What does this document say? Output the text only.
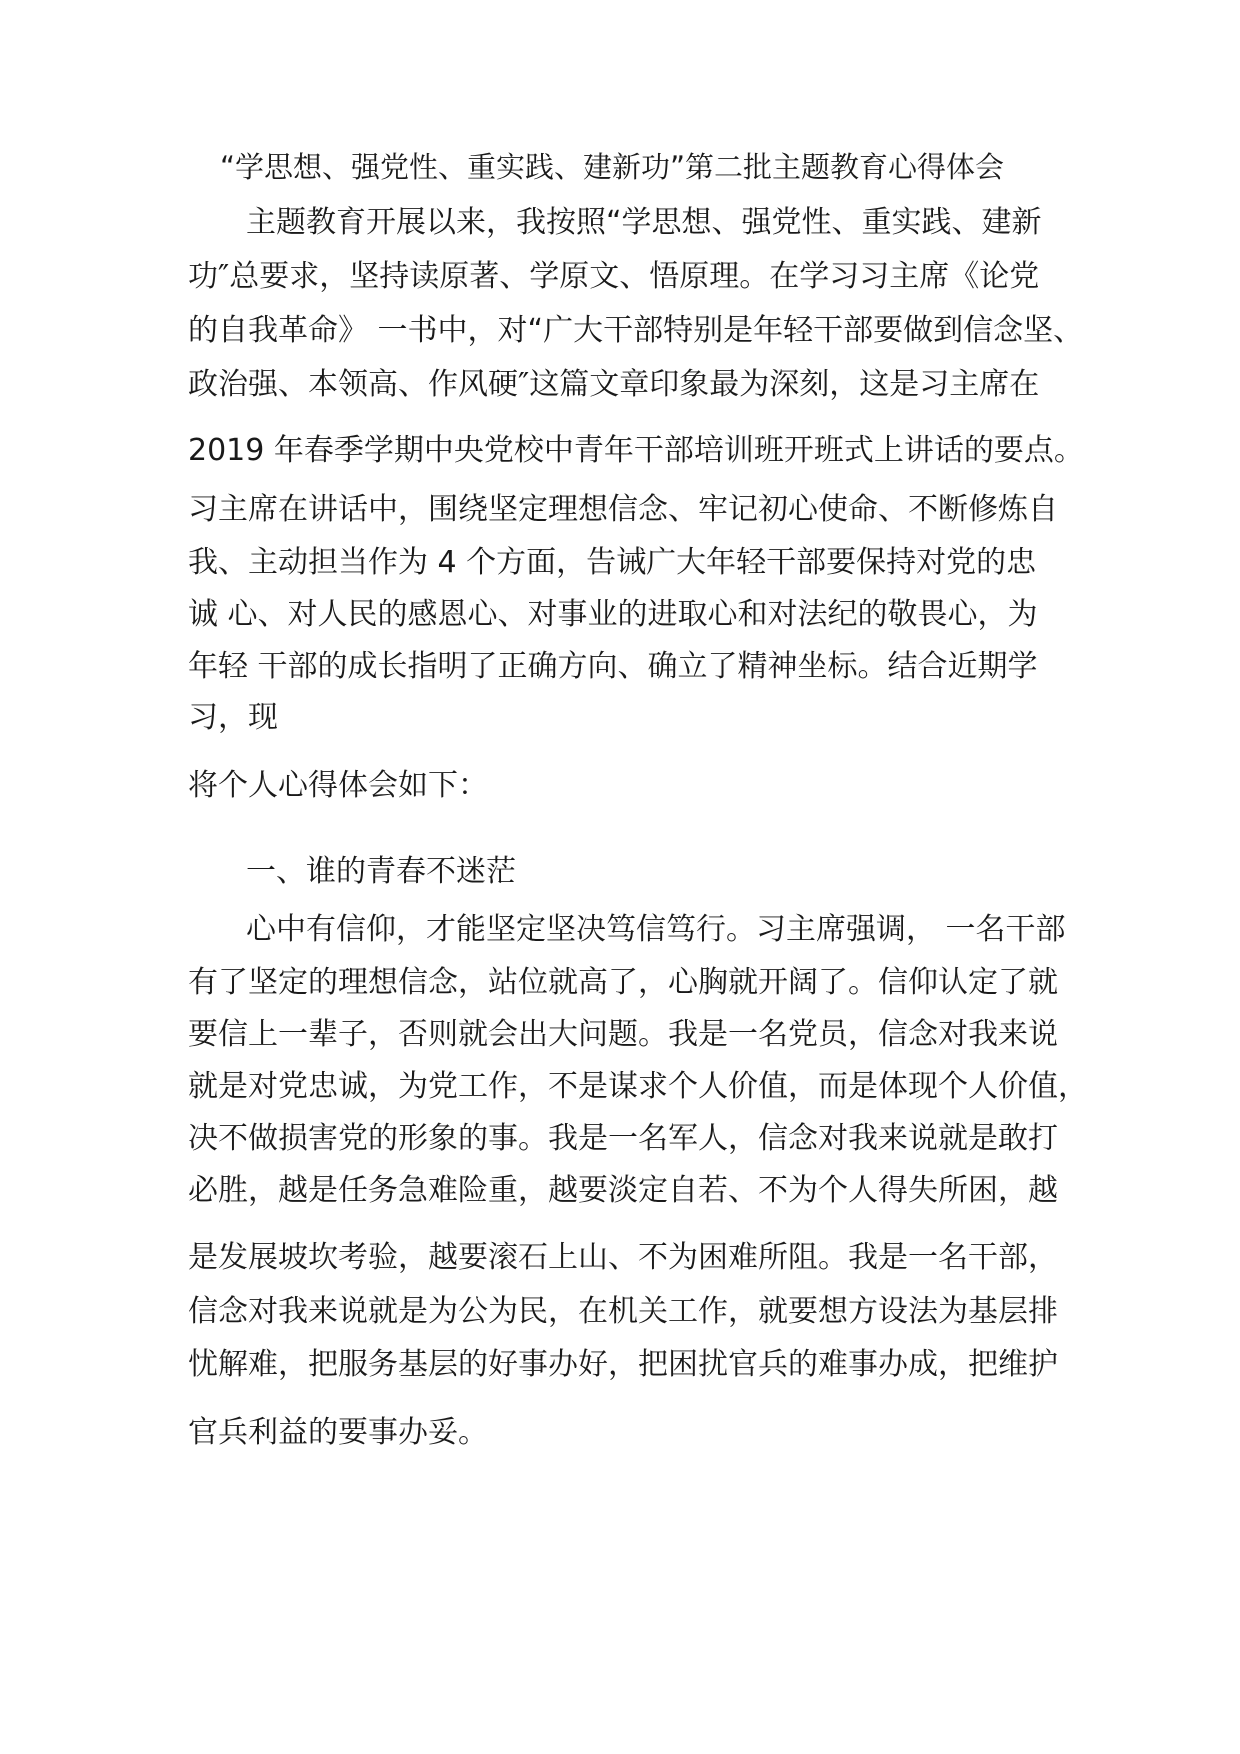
“学思想、强党性、重实践、建新功”第二批主题教育心得体会
主题教育开展以来，我按照“学思想、强党性、重实践、建新
功″总要求，坚持读原著、学原文、悟原理。在学习习主席《论党
的自我革命》 一书中，对“广大干部特别是年轻干部要做到信念坚、
政治强、本领高、作风硬″这篇文章印象最为深刻，这是习主席在
2019 年春季学期中央党校中青年干部培训班开班式上讲话的要点。
习主席在讲话中，围绕坚定理想信念、牢记初心使命、不断修炼自
我、主动担当作为 4 个方面，告诫广大年轻干部要保持对党的忠
诚 心、对人民的感恩心、对事业的进取心和对法纪的敬畏心，为
年轻 干部的成长指明了正确方向、确立了精神坐标。结合近期学
习，现
将个人心得体会如下：
一、谁的青春不迷茫
心中有信仰，才能坚定坚决笃信笃行。习主席强调， 一名干部
有了坚定的理想信念，站位就高了，心胸就开阔了。信仰认定了就
要信上一辈子，否则就会出大问题。我是一名党员，信念对我来说
就是对党忠诚，为党工作，不是谋求个人价值，而是体现个人价值，
决不做损害党的形象的事。我是一名军人，信念对我来说就是敢打
必胜，越是任务急难险重，越要淡定自若、不为个人得失所困，越
是发展坡坎考验，越要滚石上山、不为困难所阻。我是一名干部，
信念对我来说就是为公为民，在机关工作，就要想方设法为基层排
忧解难，把服务基层的好事办好，把困扰官兵的难事办成，把维护
官兵利益的要事办妥。
